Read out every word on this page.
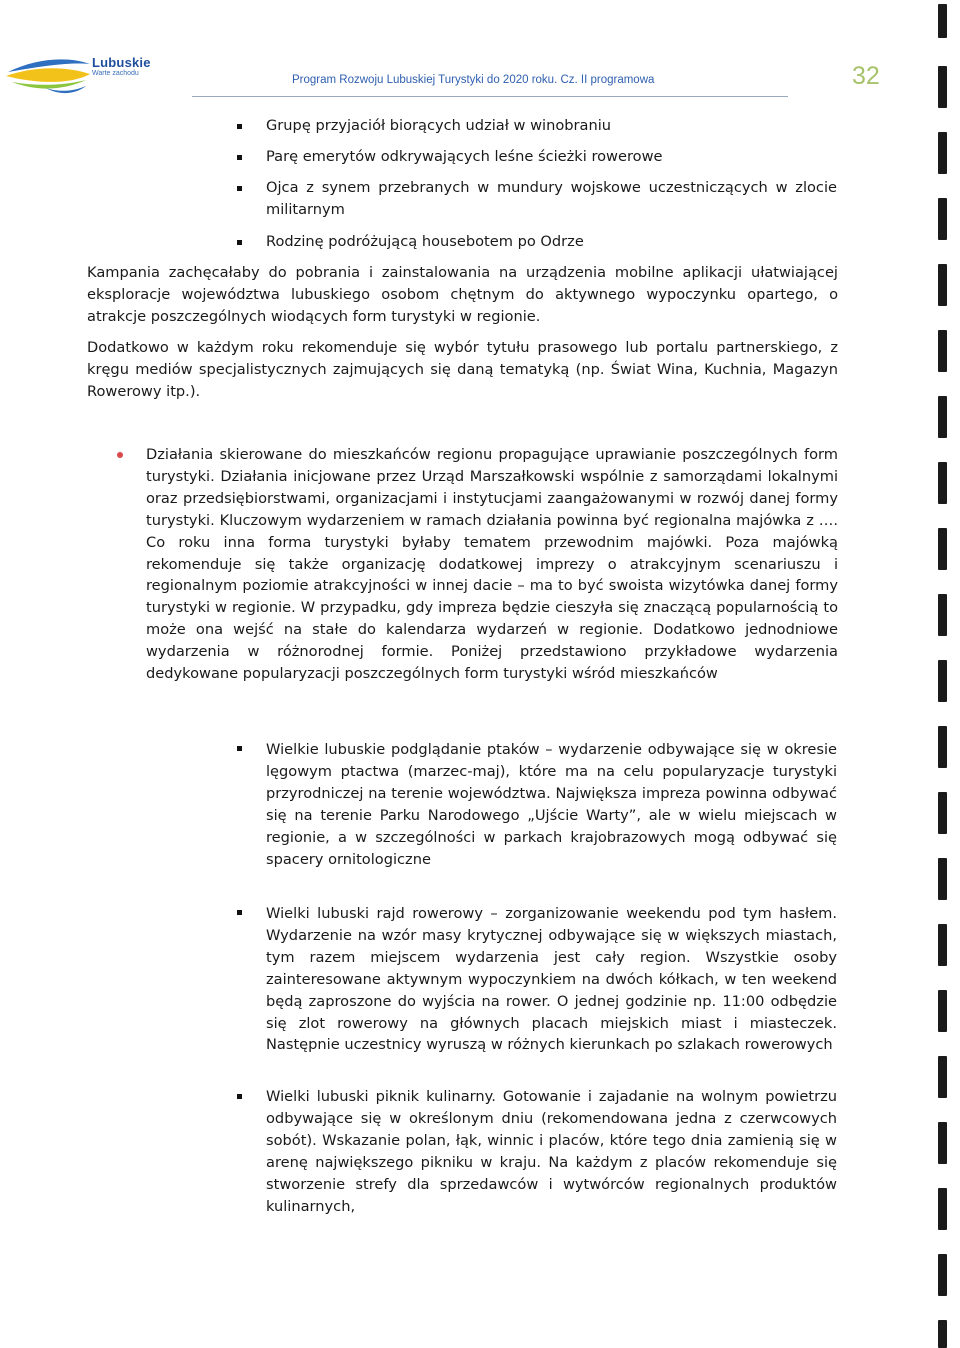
Lubuskie
Warte zachodu
Program Rozwoju Lubuskiej Turystyki do 2020 roku. Cz. II programowa	32
Grupę przyjaciół biorących udział w winobraniu
Parę emerytów odkrywających leśne ścieżki rowerowe
Ojca z synem przebranych w mundury wojskowe uczestniczących w zlocie militarnym
Rodzinę podróżującą housebotem po Odrze
Kampania zachęcałaby do pobrania i zainstalowania na urządzenia mobilne aplikacji ułatwiającej eksploracje województwa lubuskiego osobom chętnym do aktywnego wypoczynku opartego, o atrakcje poszczególnych wiodących form turystyki w regionie.
Dodatkowo w każdym roku rekomenduje się wybór tytułu prasowego lub portalu partnerskiego, z kręgu mediów specjalistycznych zajmujących się daną tematyką (np. Świat Wina, Kuchnia, Magazyn Rowerowy itp.).
Działania skierowane do mieszkańców regionu propagujące uprawianie poszczególnych form turystyki. Działania inicjowane przez Urząd Marszałkowski wspólnie z samorządami lokalnymi oraz przedsiębiorstwami, organizacjami i instytucjami zaangażowanymi w rozwój danej formy turystyki. Kluczowym wydarzeniem w ramach działania powinna być regionalna majówka z …. Co roku inna forma turystyki byłaby tematem przewodnim majówki. Poza majówką rekomenduje się także organizację dodatkowej imprezy o atrakcyjnym scenariuszu i regionalnym poziomie atrakcyjności w innej dacie – ma to być swoista wizytówka danej formy turystyki w regionie. W przypadku, gdy impreza będzie cieszyła się znaczącą popularnością to może ona wejść na stałe do kalendarza wydarzeń w regionie. Dodatkowo jednodniowe wydarzenia w różnorodnej formie. Poniżej przedstawiono przykładowe wydarzenia dedykowane popularyzacji poszczególnych form turystyki wśród mieszkańców
Wielkie lubuskie podglądanie ptaków – wydarzenie odbywające się w okresie lęgowym ptactwa (marzec-maj), które ma na celu popularyzacje turystyki przyrodniczej na terenie województwa. Największa impreza powinna odbywać się na terenie Parku Narodowego „Ujście Warty”, ale w wielu miejscach w regionie, a w szczególności w parkach krajobrazowych mogą odbywać się spacery ornitologiczne
Wielki lubuski rajd rowerowy – zorganizowanie weekendu pod tym hasłem. Wydarzenie na wzór masy krytycznej odbywające się w większych miastach, tym razem miejscem wydarzenia jest cały region. Wszystkie osoby zainteresowane aktywnym wypoczynkiem na dwóch kółkach, w ten weekend będą zaproszone do wyjścia na rower. O jednej godzinie np. 11:00 odbędzie się zlot rowerowy na głównych placach miejskich miast i miasteczek. Następnie uczestnicy wyruszą w różnych kierunkach po szlakach rowerowych
Wielki lubuski piknik kulinarny. Gotowanie i zajadanie na wolnym powietrzu odbywające się w określonym dniu (rekomendowana jedna z czerwcowych sobót). Wskazanie polan, łąk, winnic i placów, które tego dnia zamienią się w arenę największego pikniku w kraju. Na każdym z placów rekomenduje się stworzenie strefy dla sprzedawców i wytwórców regionalnych produktów kulinarnych,
